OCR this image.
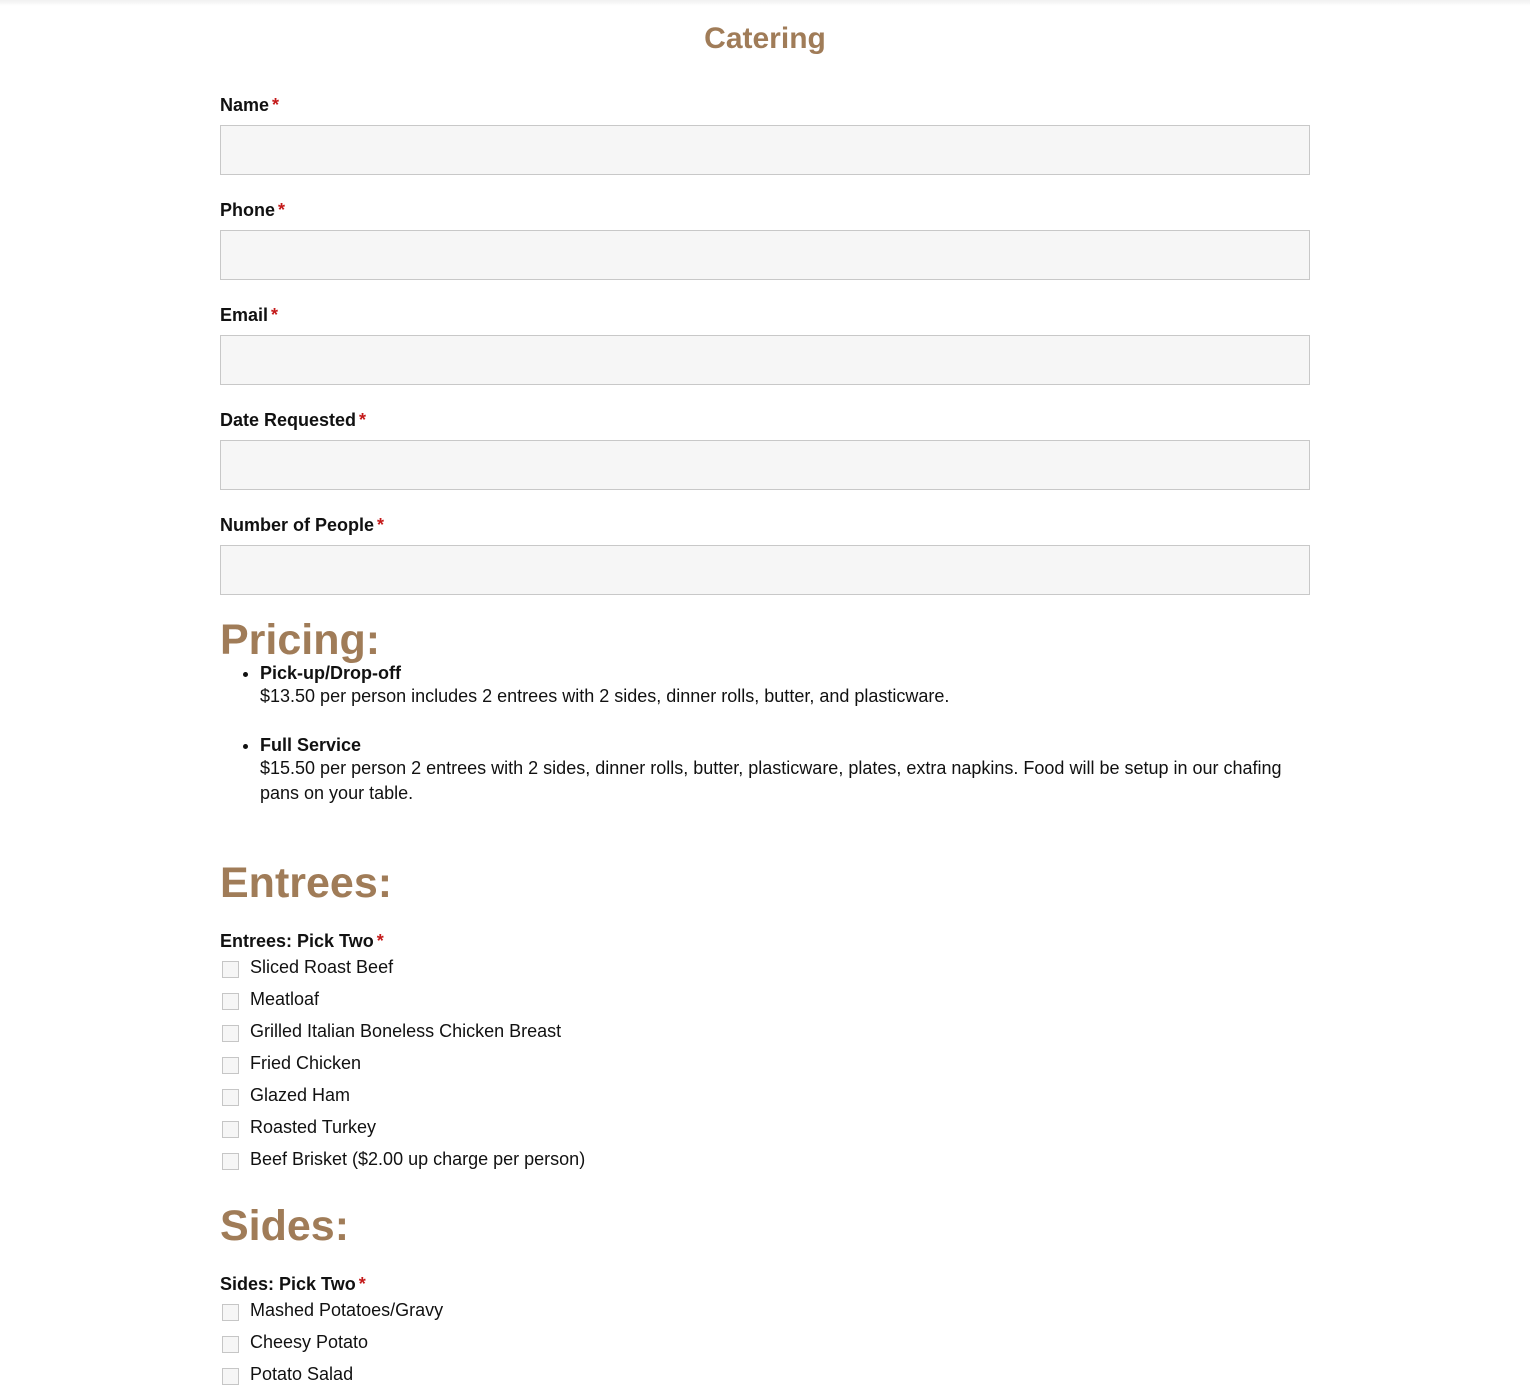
Catering
Name *
Phone *
Email *
Date Requested *
Number of People *
Pricing:
• Pick-up/Drop-off
$13.50 per person includes 2 entrees with 2 sides, dinner rolls, butter, and plasticware.
• Full Service
$15.50 per person 2 entrees with 2 sides, dinner rolls, butter, plasticware, plates, extra napkins. Food will be setup in our chafing pans on your table.
Entrees:
Entrees: Pick Two *
Sliced Roast Beef
Meatloaf
Grilled Italian Boneless Chicken Breast
Fried Chicken
Glazed Ham
Roasted Turkey
Beef Brisket ($2.00 up charge per person)
Sides:
Sides: Pick Two *
Mashed Potatoes/Gravy
Cheesy Potato
Potato Salad
